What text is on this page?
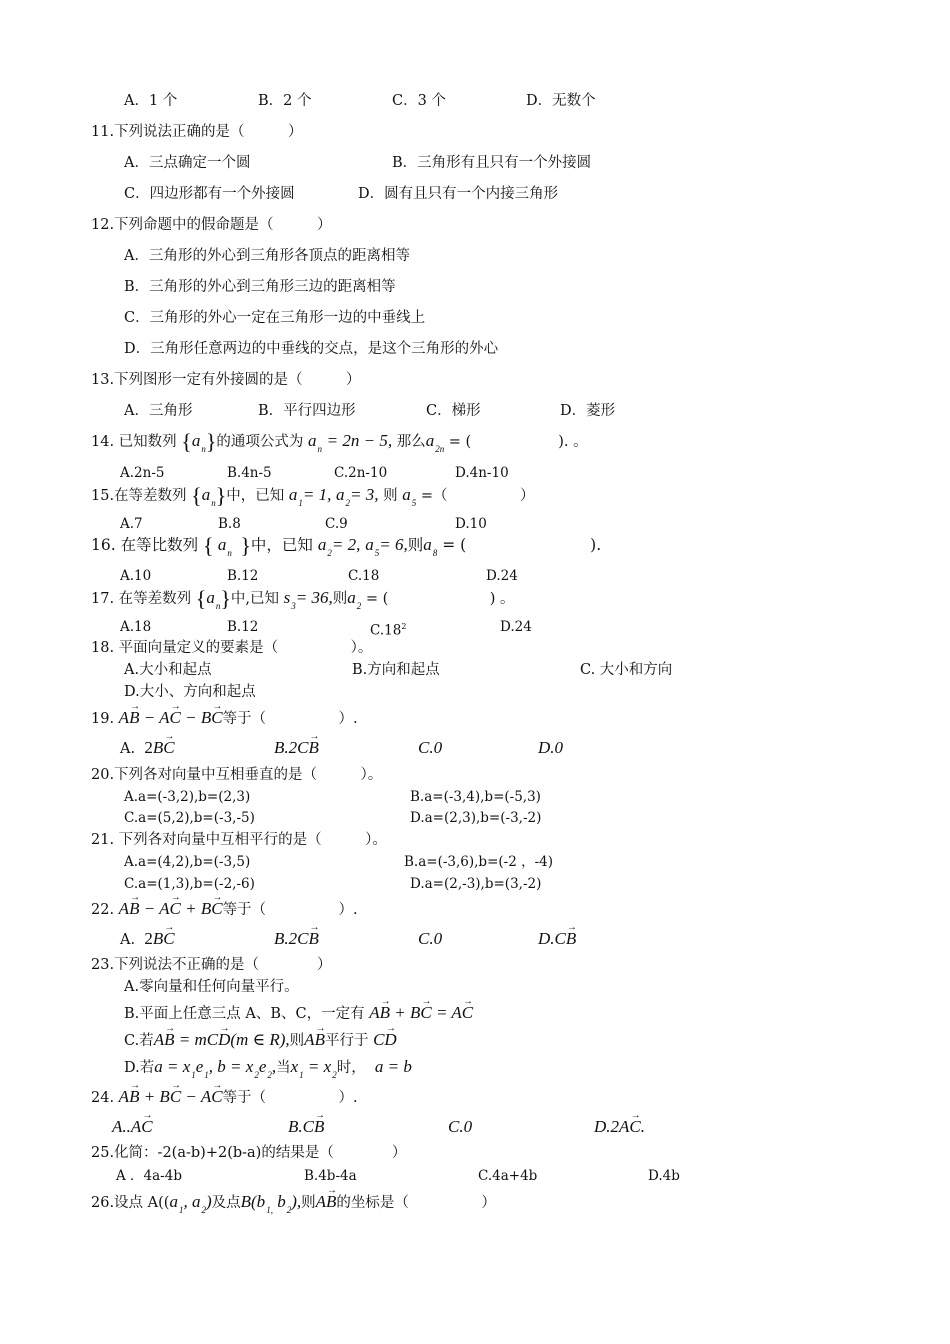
A．1 个	B．2 个	C．3 个	D．无数个
11.下列说法正确的是（　　　）
A．三点确定一个圆	B．三角形有且只有一个外接圆
C．四边形都有一个外接圆	D．圆有且只有一个内接三角形
12.下列命题中的假命题是（　　　）
A．三角形的外心到三角形各顶点的距离相等
B．三角形的外心到三角形三边的距离相等
C．三角形的外心一定在三角形一边的中垂线上
D．三角形任意两边的中垂线的交点，是这个三角形的外心
13.下列图形一定有外接圆的是（　　　）
A．三角形	B．平行四边形	C．梯形	D．菱形
14. 已知数列 $\{a_n\}$的通项公式为 $a_n = 2n - 5$, 那么$a_{2n}$ = (　　　　　　). 。
A.2n-5	B.4n-5	C.2n-10	D.4n-10
15.在等差数列 $\{a_n\}$中，已知 $a_1= 1$, $a_2= 3$, 则 $a_5$ =（　　　　　）
A.7	B.8	C.9	D.10
16. 在等比数列 { $a_n$ }中，已知 $a_2= 2$, $a_5= 6$,则$a_8$ = (　　　　　　　　).
A.10	B.12	C.18	D.24
17. 在等差数列 $\{a_n\}$中,已知 $s_3= 36$,则$a_2$ = (　　　　　　　) 。
A.18	B.12	$C.18^2$	D.24
18. 平面向量定义的要素是（　　　　　）。
A.大小和起点	B.方向和起点	C. 大小和方向
D.大小、方向和起点
19. A→ B − A→ C − B→ C等于（　　　　　）.
A. 2B→ C	B.2C→ B	C.0	D.0
20.下列各对向量中互相垂直的是（　　　）。
A.a=(-3,2),b=(2,3)	B.a=(-3,4),b=(-5,3)
C.a=(5,2),b=(-3,-5)	D.a=(2,3),b=(-3,-2)
21. 下列各对向量中互相平行的是（　　　）。
A.a=(4,2),b=(-3,5)	B.a=(-3,6),b=(-2 ，-4)
C.a=(1,3),b=(-2,-6)	D.a=(2,-3),b=(3,-2)
22. A→ B − A→ C + B→ C等于（　　　　　）.
A. 2B→ C	B.2C→ B	C.0	D.C→ B
23.下列说法不正确的是（　　　　）
A.零向量和任何向量平行。
B.平面上任意三点 A、B、C，一定有 A→ B + B→ C = A→ C
C.若A→ B = mC→ D(m ∈ R),则A→ B平行于 C→ D
D.若$a = x_1e_1$, $b = x_2e_2$,当$x_1 = x_2$时， a = b
24. A→ B + B→ C − A→ C等于（　　　　　）.
A..A→ C	B.C→ B	C.0	D.2A→ C.
25.化简：-2(a-b)+2(b-a)的结果是（　　　　）
A ．4a-4b	B.4b-4a	C.4a+4b	D.4b
26.设点 $A((a_1$, $a_2$)及点$B(b_{1,}$ $b_2$),则A→ B的坐标是（　　　　　）
